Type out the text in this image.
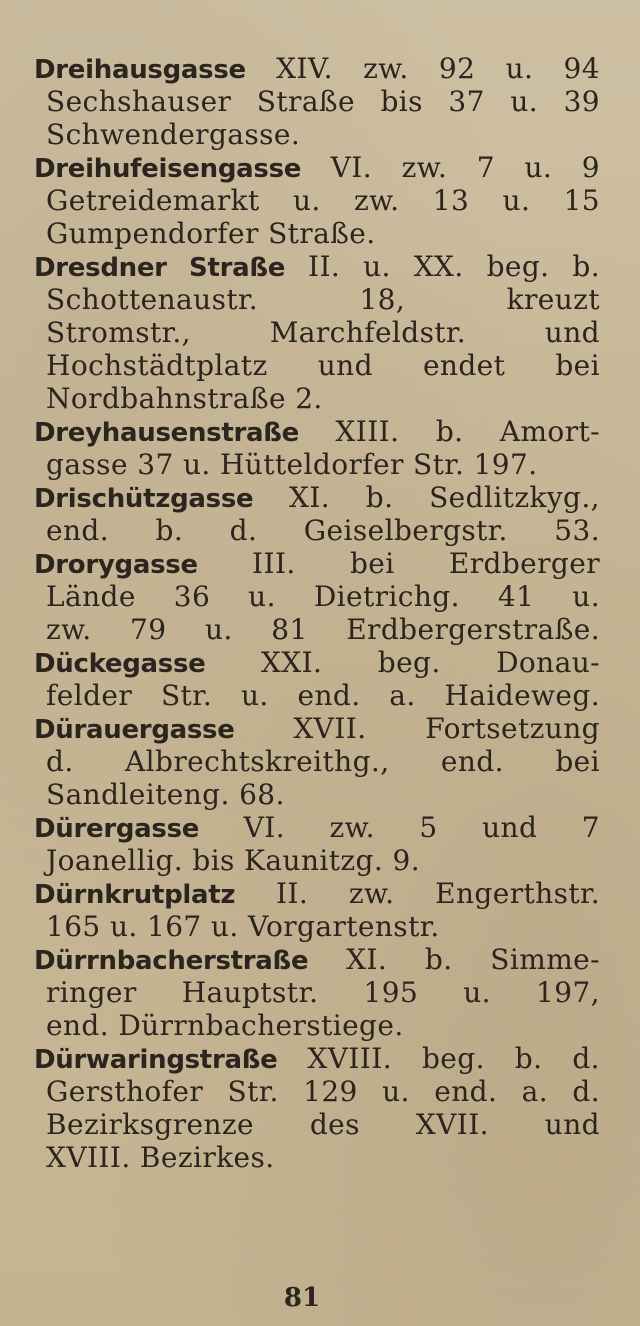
Dreihausgasse XIV. zw. 92 u. 94
Sechshauser Straße bis 37 u. 39
Schwendergasse.
Dreihufeisengasse VI. zw. 7 u. 9
Getreidemarkt u. zw. 13 u. 15
Gumpendorfer Straße.
Dresdner Straße II. u. XX. beg. b.
Schottenaustr. 18, kreuzt
Stromstr., Marchfeldstr. und
Hochstädtplatz und endet bei
Nordbahnstraße 2.
Dreyhausenstraße XIII. b. Amort-
gasse 37 u. Hütteldorfer Str. 197.
Drischützgasse XI. b. Sedlitzkyg.,
end. b. d. Geiselbergstr. 53.
Drorygasse III. bei Erdberger
Lände 36 u. Dietrichg. 41 u.
zw. 79 u. 81 Erdbergerstraße.
Dückegasse XXI. beg. Donau-
felder Str. u. end. a. Haideweg.
Dürauergasse XVII. Fortsetzung
d. Albrechtskreithg., end. bei
Sandleiteng. 68.
Dürergasse VI. zw. 5 und 7
Joanellig. bis Kaunitzg. 9.
Dürnkrutplatz II. zw. Engerthstr.
165 u. 167 u. Vorgartenstr.
Dürrnbacherstraße XI. b. Simme-
ringer Hauptstr. 195 u. 197,
end. Dürrnbacherstiege.
Dürwaringstraße XVIII. beg. b. d.
Gersthofer Str. 129 u. end. a. d.
Bezirksgrenze des XVII. und
XVIII. Bezirkes.
81
